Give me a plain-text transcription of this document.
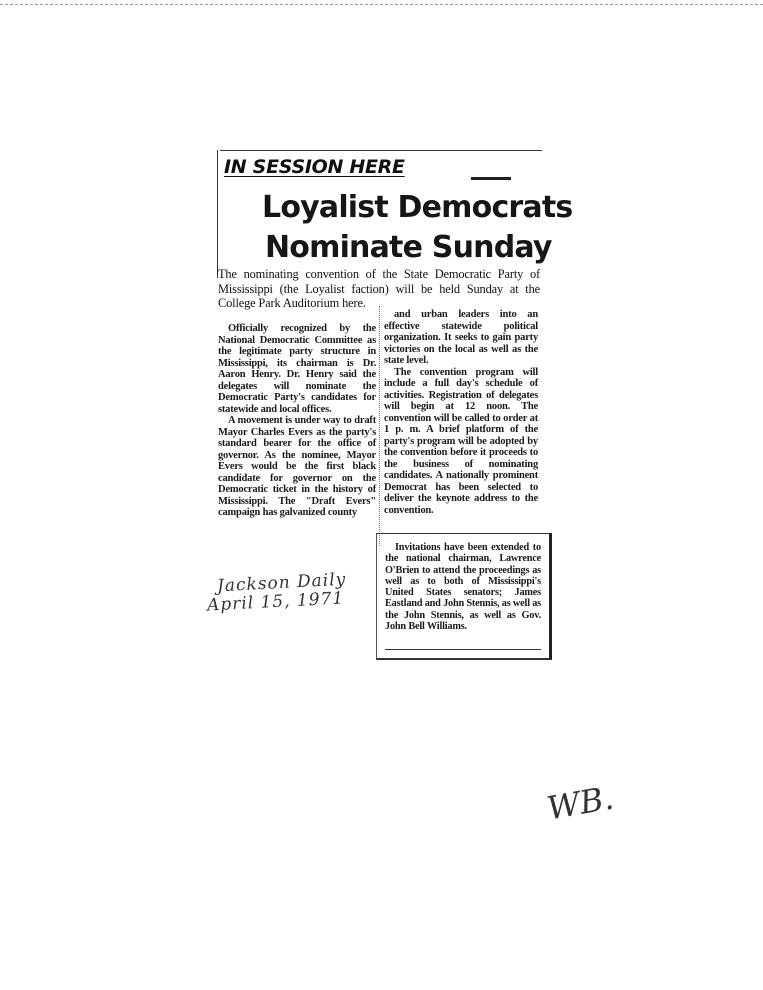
IN SESSION HERE
Loyalist Democrats
Nominate Sunday
The nominating convention of the State Democratic Party of Mississippi (the Loyalist faction) will be held Sunday at the College Park Auditorium here.

Officially recognized by the National Democratic Committee as the legitimate party structure in Mississippi, its chairman is Dr. Aaron Henry. Dr. Henry said the delegates will nominate the Democratic Party's candidates for statewide and local offices.

A movement is under way to draft Mayor Charles Evers as the party's standard bearer for the office of governor. As the nominee, Mayor Evers would be the first black candidate for governor on the Democratic ticket in the history of Mississippi. The "Draft Evers" campaign has galvanized county

and urban leaders into an effective statewide political organization. It seeks to gain party victories on the local as well as the state level.

The convention program will include a full day's schedule of activities. Registration of delegates will begin at 12 noon. The convention will be called to order at 1 p. m. A brief platform of the party's program will be adopted by the convention before it proceeds to the business of nominating candidates. A nationally prominent Democrat has been selected to deliver the keynote address to the convention.

Invitations have been extended to the national chairman, Lawrence O'Brien to attend the proceedings as well as to both of Mississippi's United States senators; James Eastland and John Stennis, as well as the John Stennis, as well as Gov. John Bell Williams.

Jackson Daily
April 15, 1971
WB.
